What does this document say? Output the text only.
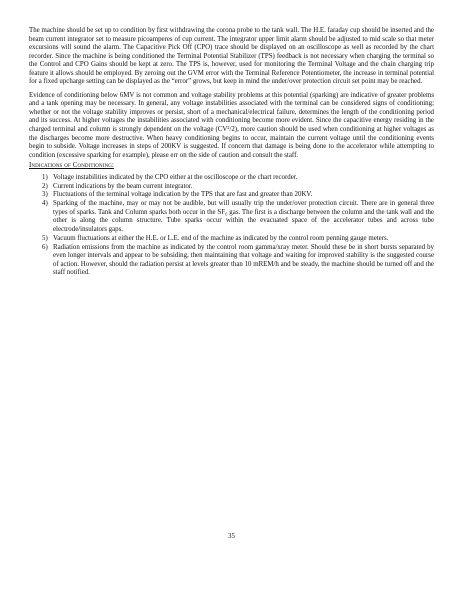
The machine should be set up to condition by first withdrawing the corona probe to the tank wall. The H.E. faraday cup should be inserted and the beam current integrator set to measure picoamperes of cup current. The integrator upper limit alarm should be adjusted to mid scale so that meter excursions will sound the alarm. The Capacitive Pick Off (CPO) trace should be displayed on an oscilloscope as well as recorded by the chart recorder. Since the machine is being conditioned the Terminal Potential Stabilizer (TPS) feedback is not necessary when charging the terminal so the Control and CPO Gains should be kept at zero. The TPS is, however, used for monitoring the Terminal Voltage and the chain charging trip feature it allows should be employed. By zeroing out the GVM error with the Terminal Reference Potentiometer, the increase in terminal potential for a fixed upcharge setting can be displayed as the “error” grows, but keep in mind the under/over protection circuit set point may be reached.

Evidence of conditioning below 6MV is not common and voltage stability problems at this potential (sparking) are indicative of greater problems and a tank opening may be necessary. In general, any voltage instabilities associated with the terminal can be considered signs of conditioning; whether or not the voltage stability improves or persist, short of a mechanical/electrical failure, determines the length of the conditioning period and its success. At higher voltages the instabilities associated with conditioning become more evident. Since the capacitive energy residing in the charged terminal and column is strongly dependent on the voltage (CV²/2), more caution should be used when conditioning at higher voltages as the discharges become more destructive. When heavy conditioning begins to occur, maintain the current voltage until the conditioning events begin to subside. Voltage increases in steps of 200KV is suggested. If concern that damage is being done to the accelerator while attempting to condition (excessive sparking for example), please err on the side of caution and consult the staff.

Indications of Conditioning:
1) Voltage instabilities indicated by the CPO either at the oscilloscope or the chart recorder.
2) Current indications by the beam current integrator.
3) Fluctuations of the terminal voltage indication by the TPS that are fast and greater than 20KV.
4) Sparking of the machine, may or may not be audible, but will usually trip the under/over protection circuit. There are in general three types of sparks. Tank and Column sparks both occur in the SF₆ gas. The first is a discharge between the column and the tank wall and the other is along the column structure. Tube sparks occur within the evacuated space of the accelerator tubes and across tube electrode/insulators gaps.
5) Vacuum fluctuations at either the H.E. or L.E. end of the machine as indicated by the control room penning gauge meters.
6) Radiation emissions from the machine as indicated by the control room gamma/xray meter. Should these be in short bursts separated by even longer intervals and appear to be subsiding, then maintaining that voltage and waiting for improved stability is the suggested course of action. However, should the radiation persist at levels greater than 10 mREM/h and be steady, the machine should be turned off and the staff notified.
35
